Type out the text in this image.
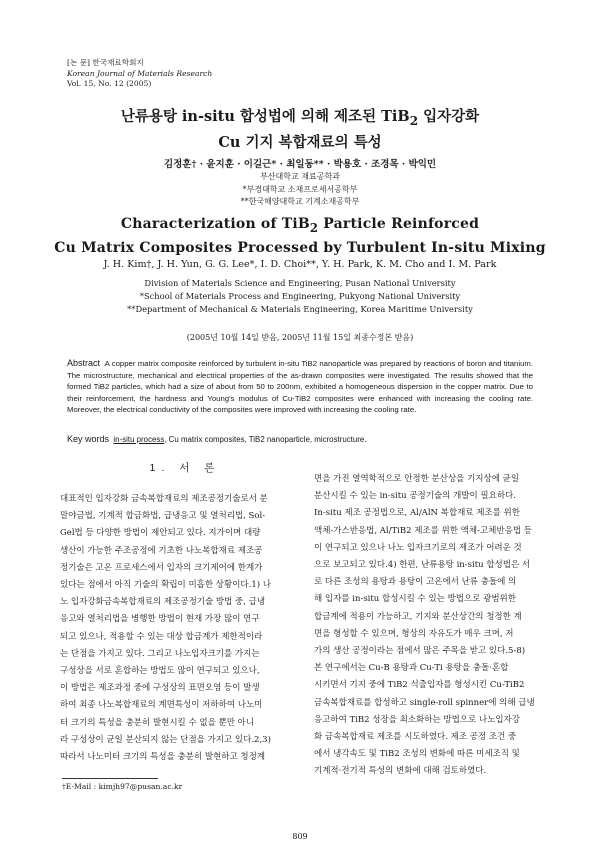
[논 문] 한국재료학회지
Korean Journal of Materials Research
Vol. 15, No. 12 (2005)
난류용탕 in-situ 합성법에 의해 제조된 TiB$_2$ 입자강화
Cu 기지 복합재료의 특성
김정훈† · 윤지훈 · 이길근* · 최일동** · 박용호 · 조경목 · 박익민
부산대학교 재료공학과
*부경대학교 소재프로세서공학부
**한국해양대학교 기계소재공학부
Characterization of TiB$_2$ Particle Reinforced
Cu Matrix Composites Processed by Turbulent In-situ Mixing
J. H. Kim†, J. H. Yun, G. G. Lee*, I. D. Choi**, Y. H. Park, K. M. Cho and I. M. Park
Division of Materials Science and Engineering, Pusan National University
*School of Materials Process and Engineering, Pukyong National University
**Department of Mechanical & Materials Engineering, Korea Maritime University
(2005년 10월 14일 받음, 2005년 11월 15일 최종수정본 받음)
Abstract A copper matrix composite reinforced by turbulent in-situ TiB2 nanoparticle was prepared by reactions of boron and titanium. The microstructure, mechanical and electrical properties of the as-drawn composites were investigated. The results showed that the formed TiB2 particles, which had a size of about from 50 to 200nm, exhibited a homogeneous dispersion in the copper matrix. Due to their reinforcement, the hardness and Young's modulus of Cu-TiB2 composites were enhanced with increasing the cooling rate. Moreover, the electrical conductivity of the composites were improved with increasing the cooling rate.
Key words in-situ process, Cu matrix composites, TiB2 nanoparticle, microstructure.
1. 서 론
대표적인 입자강화 금속복합재료의 제조공정기술로서 분
말야금법, 기계적 합금화법, 급냉응고 및 열처리법, Sol-
Gel법 등 다양한 방법이 제안되고 있다. 지가이며 대량
생산이 가능한 주조공정에 기초한 나노복합재료 제조공
정기술은 고온 프로세스에서 입자의 크기제어에 한계가
있다는 점에서 아직 기술의 확립이 미흡한 상황이다.1) 나
노 입자강화금속복합재료의 제조공정기술 방법 중, 급냉
응고와 열처리법을 병행한 방법이 현재 가장 많이 연구
되고 있으나, 적용할 수 있는 대상 합금계가 제한적이라
는 단점을 가지고 있다. 그리고 나노입자크기를 가지는
구성상을 서로 혼합하는 방법도 많이 연구되고 있으나,
이 방법은 제조과정 중에 구성상의 표면오염 등이 발생
하여 최종 나노복합재료의 계면특성이 저하하여 나노미
터 크기의 특성을 충분히 발현시킬 수 없을 뿐만 아니
라 구성상이 균일 분산되지 않는 단점을 가지고 있다.2,3)
따라서 나노미터 크기의 특성을 충분히 발현하고 청정계
면을 가진 열역학적으로 안정한 분산상을 기지상에 균일
분산시킬 수 있는 in-situ 공정기술의 개발이 필요하다.
In-situ 제조 공정법으로, Al/AlN 복합재료 제조를 위한
액체-가스반응법, Al/TiB2 제조를 위한 액체-고체반응법 등
이 연구되고 있으나 나노 입자크기로의 제조가 어려운 것
으로 보고되고 있다.4) 한편, 난류용탕 in-situ 합성법은 서
로 다른 조성의 용탕과 용탕이 고온에서 난류 충돌에 의
해 입자를 in-situ 합성시킬 수 있는 방법으로 광범위한
합금계에 적용이 가능하고, 기지와 분산상간의 청정한 계
면을 형성할 수 있으며, 형상의 자유도가 매우 크며, 저
가의 생산 공정이라는 점에서 많은 주목을 받고 있다.5-8)
본 연구에서는 Cu-B 용탕과 Cu-Ti 용탕을 충돌·혼합
시키면서 기지 중에 TiB2 석출입자를 형성시킨 Cu-TiB2
금속복합재료를 합성하고 single-roll spinner에 의해 급냉
응고하여 TiB2 성장을 최소화하는 방법으로 나노입자강
화 금속복합재료 제조를 시도하였다. 제조 공정 조건 중
에서 냉각속도 및 TiB2 조성의 변화에 따른 미세조직 및
기계적·전기적 특성의 변화에 대해 검토하였다.
†E-Mail : kimjh97@pusan.ac.kr
809
